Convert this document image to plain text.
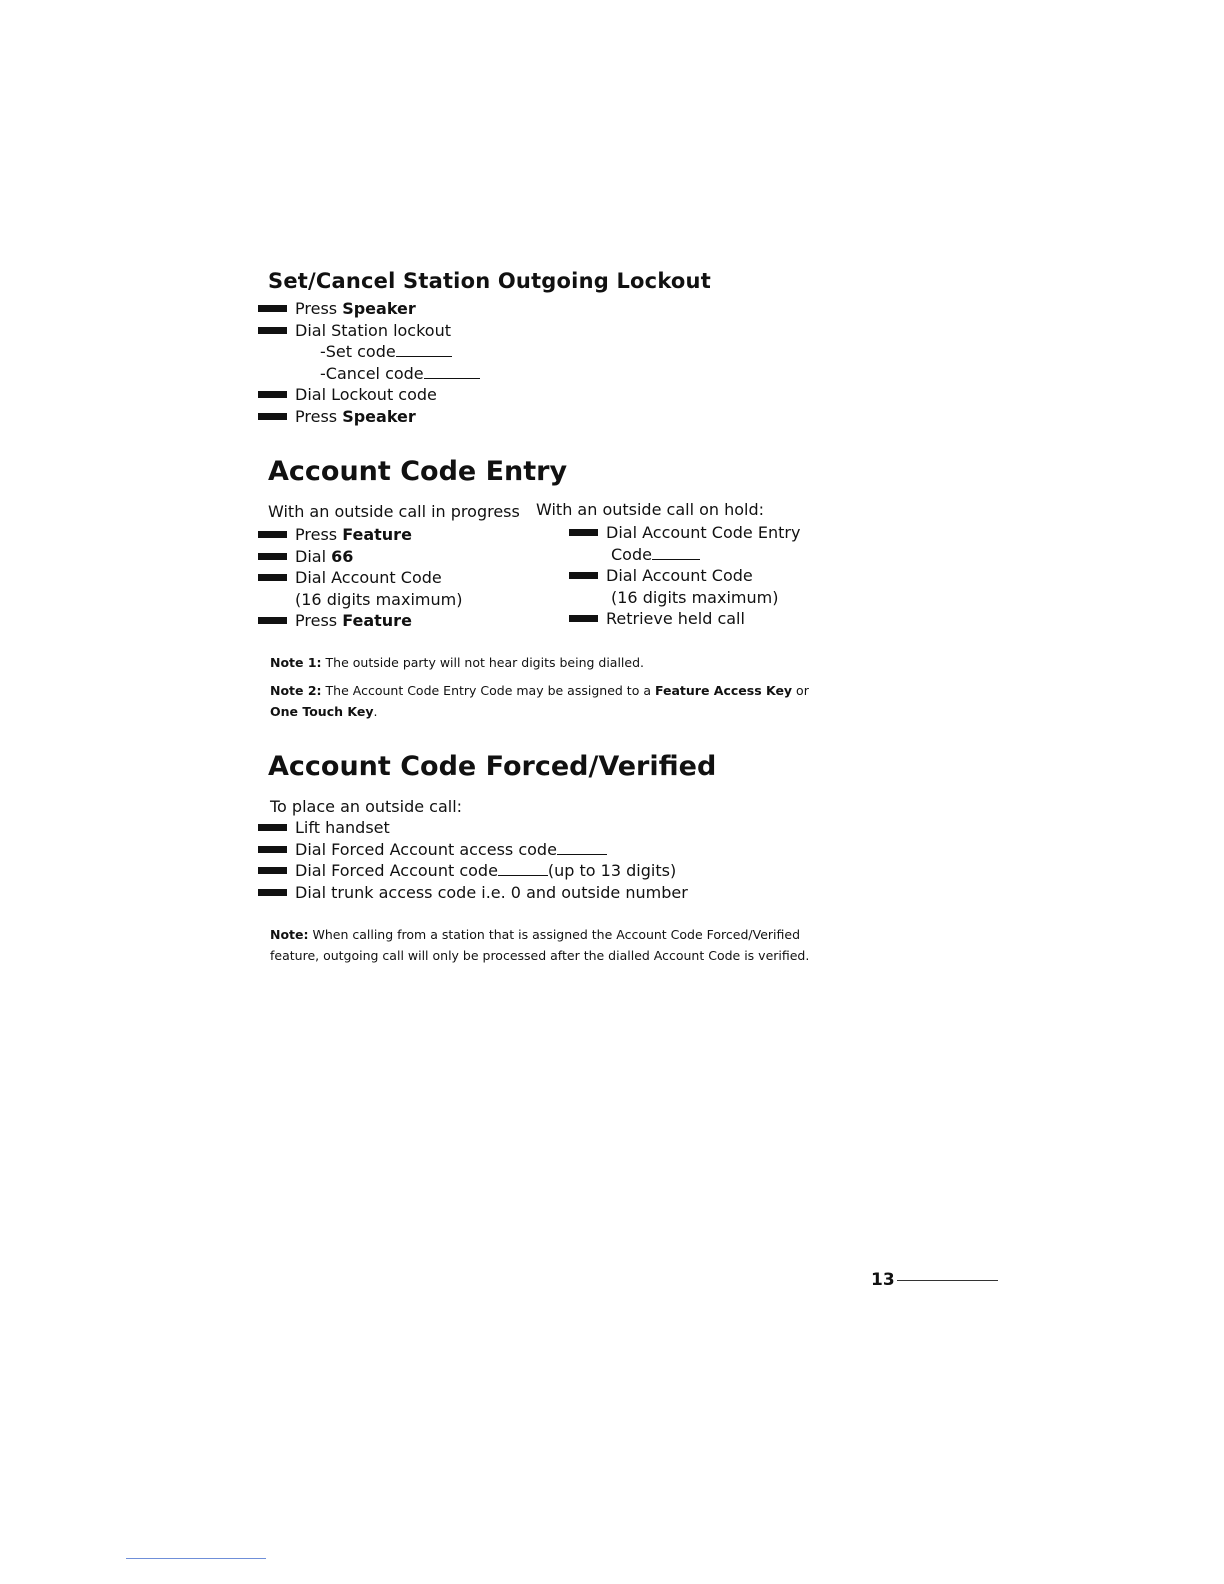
Set/Cancel Station Outgoing Lockout
Press Speaker
Dial Station lockout
-Set code
-Cancel code
Dial Lockout code
Press Speaker
Account Code Entry

With an outside call in progress With an outside call on hold:

Press Feature
Dial 66
Dial Account Code
(16 digits maximum)
Press Feature
Dial Account Code Entry
Code
Dial Account Code
(16 digits maximum)
Retrieve held call

Note 1: The outside party will not hear digits being dialled.

Note 2: The Account Code Entry Code may be assigned to a Feature Access Key or
One Touch Key.

Account Code Forced/Verified

To place an outside call:

Lift handset
Dial Forced Account access code
Dial Forced Account code	(up to 13 digits)
Dial trunk access code i.e. 0 and outside number

Note: When calling from a station that is assigned the Account Code Forced/Verified
feature, outgoing call will only be processed after the dialled Account Code is verified.

13
